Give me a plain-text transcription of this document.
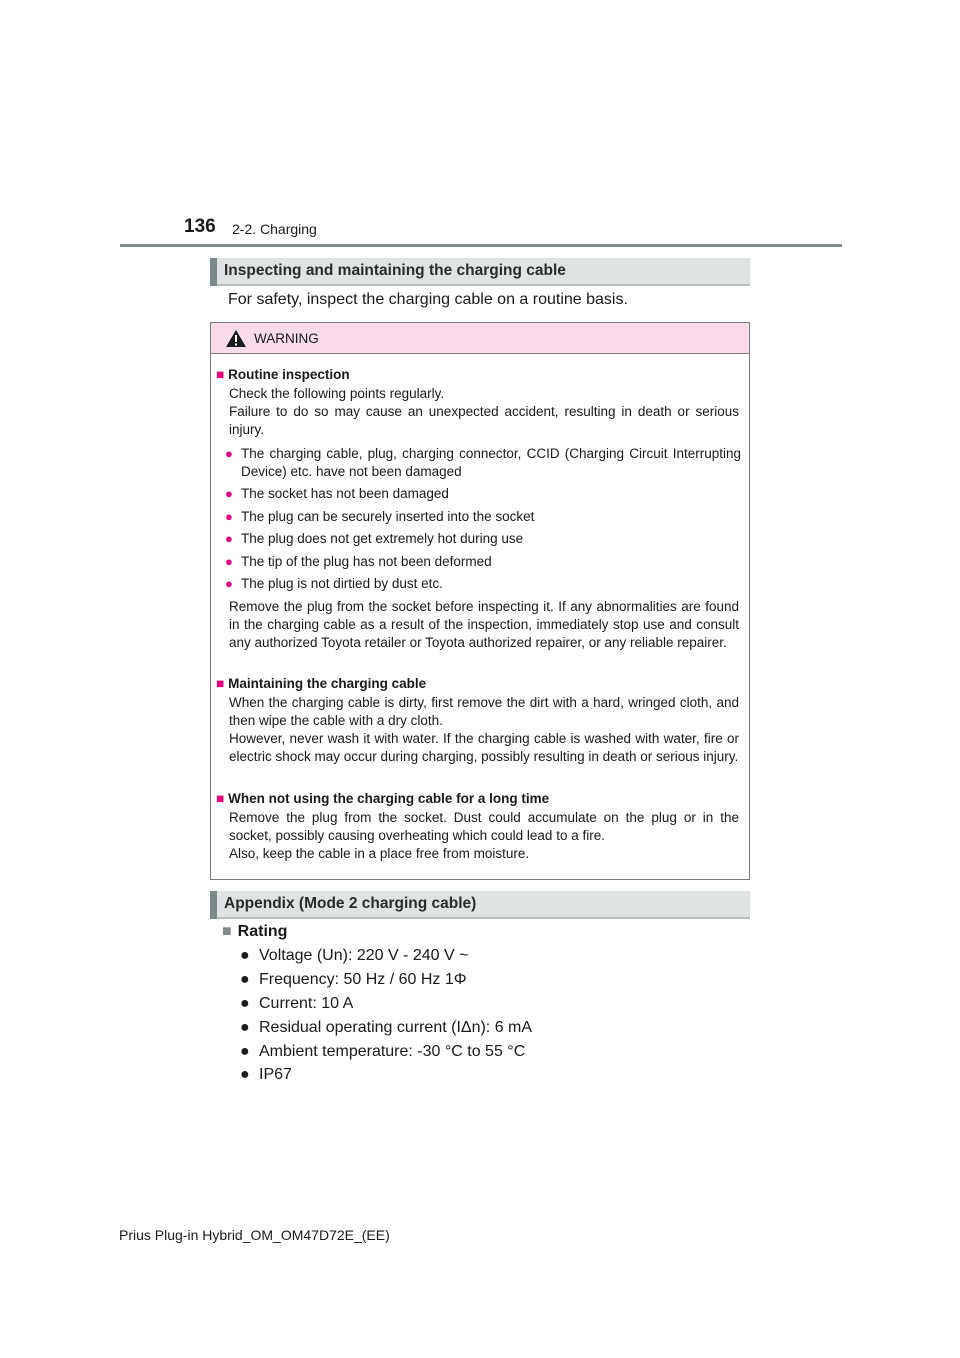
136 2-2. Charging
Inspecting and maintaining the charging cable
For safety, inspect the charging cable on a routine basis.
WARNING
■ Routine inspection
Check the following points regularly.
Failure to do so may cause an unexpected accident, resulting in death or serious injury.
● The charging cable, plug, charging connector, CCID (Charging Circuit Interrupting Device) etc. have not been damaged
● The socket has not been damaged
● The plug can be securely inserted into the socket
● The plug does not get extremely hot during use
● The tip of the plug has not been deformed
● The plug is not dirtied by dust etc.
Remove the plug from the socket before inspecting it. If any abnormalities are found in the charging cable as a result of the inspection, immediately stop use and consult any authorized Toyota retailer or Toyota authorized repairer, or any reliable repairer.
■ Maintaining the charging cable
When the charging cable is dirty, first remove the dirt with a hard, wringed cloth, and then wipe the cable with a dry cloth.
However, never wash it with water. If the charging cable is washed with water, fire or electric shock may occur during charging, possibly resulting in death or serious injury.
■ When not using the charging cable for a long time
Remove the plug from the socket. Dust could accumulate on the plug or in the socket, possibly causing overheating which could lead to a fire.
Also, keep the cable in a place free from moisture.
Appendix (Mode 2 charging cable)
■ Rating
● Voltage (Un): 220 V - 240 V ~
● Frequency: 50 Hz / 60 Hz 1Φ
● Current: 10 A
● Residual operating current (IΔn): 6 mA
● Ambient temperature: -30 °C to 55 °C
● IP67
Prius Plug-in Hybrid_OM_OM47D72E_(EE)
